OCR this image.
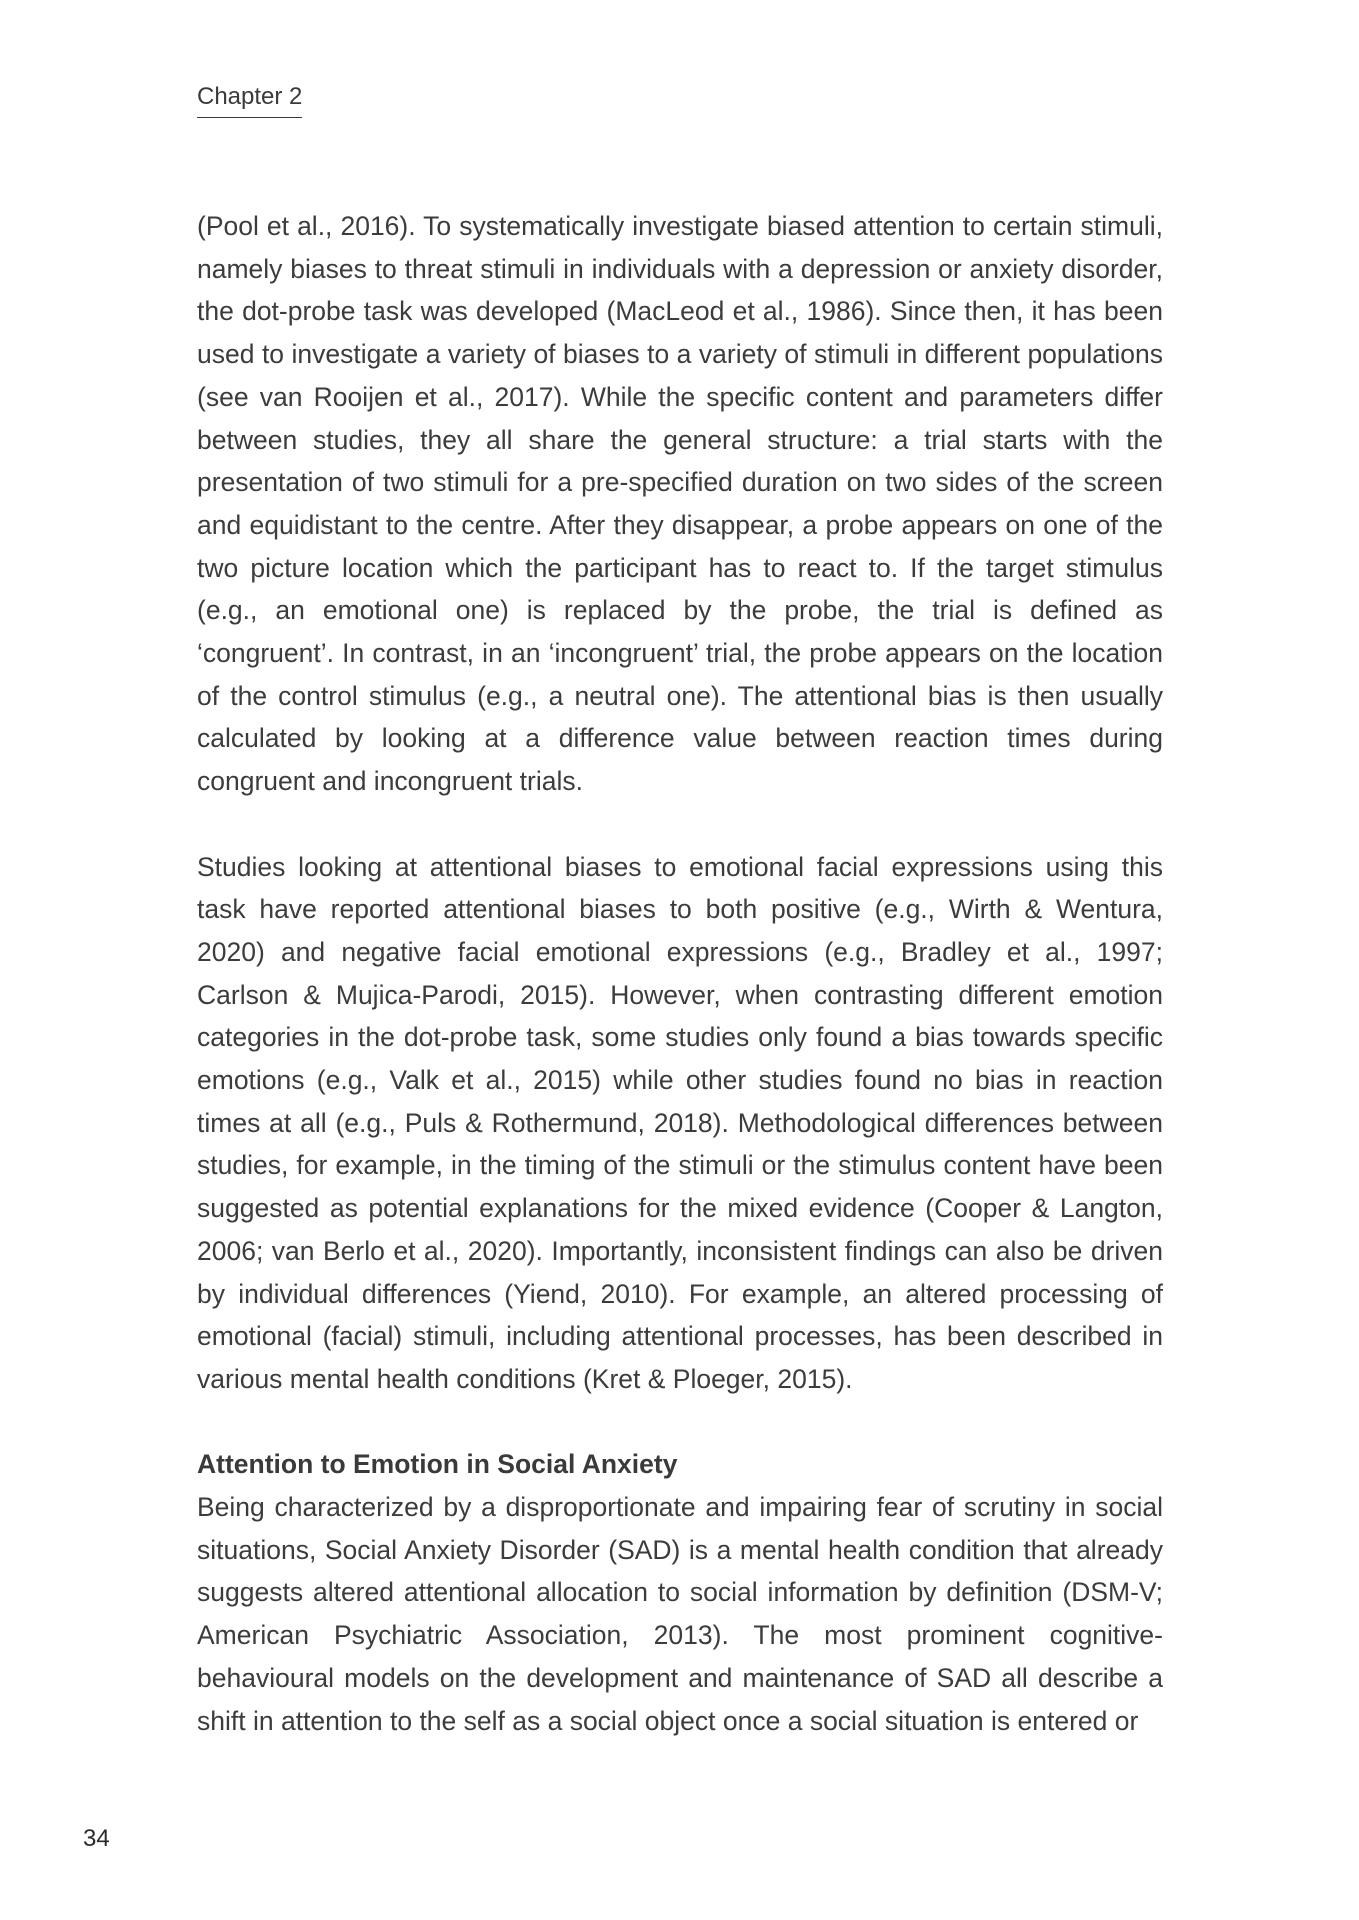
Chapter 2

(Pool et al., 2016). To systematically investigate biased attention to certain stimuli, namely biases to threat stimuli in individuals with a depression or anxiety disorder, the dot-probe task was developed (MacLeod et al., 1986). Since then, it has been used to investigate a variety of biases to a variety of stimuli in different populations (see van Rooijen et al., 2017). While the specific content and parameters differ between studies, they all share the general structure: a trial starts with the presentation of two stimuli for a pre-specified duration on two sides of the screen and equidistant to the centre. After they disappear, a probe appears on one of the two picture location which the participant has to react to. If the target stimulus (e.g., an emotional one) is replaced by the probe, the trial is defined as ‘congruent’. In contrast, in an ‘incongruent’ trial, the probe appears on the location of the control stimulus (e.g., a neutral one). The attentional bias is then usually calculated by looking at a difference value between reaction times during congruent and incongruent trials.

Studies looking at attentional biases to emotional facial expressions using this task have reported attentional biases to both positive (e.g., Wirth & Wentura, 2020) and negative facial emotional expressions (e.g., Bradley et al., 1997; Carlson & Mujica-Parodi, 2015). However, when contrasting different emotion categories in the dot-probe task, some studies only found a bias towards specific emotions (e.g., Valk et al., 2015) while other studies found no bias in reaction times at all (e.g., Puls & Rothermund, 2018). Methodological differences between studies, for example, in the timing of the stimuli or the stimulus content have been suggested as potential explanations for the mixed evidence (Cooper & Langton, 2006; van Berlo et al., 2020). Importantly, inconsistent findings can also be driven by individual differences (Yiend, 2010). For example, an altered processing of emotional (facial) stimuli, including attentional processes, has been described in various mental health conditions (Kret & Ploeger, 2015).

Attention to Emotion in Social Anxiety

Being characterized by a disproportionate and impairing fear of scrutiny in social situations, Social Anxiety Disorder (SAD) is a mental health condition that already suggests altered attentional allocation to social information by definition (DSM-V; American Psychiatric Association, 2013). The most prominent cognitive-behavioural models on the development and maintenance of SAD all describe a shift in attention to the self as a social object once a social situation is entered or

34
